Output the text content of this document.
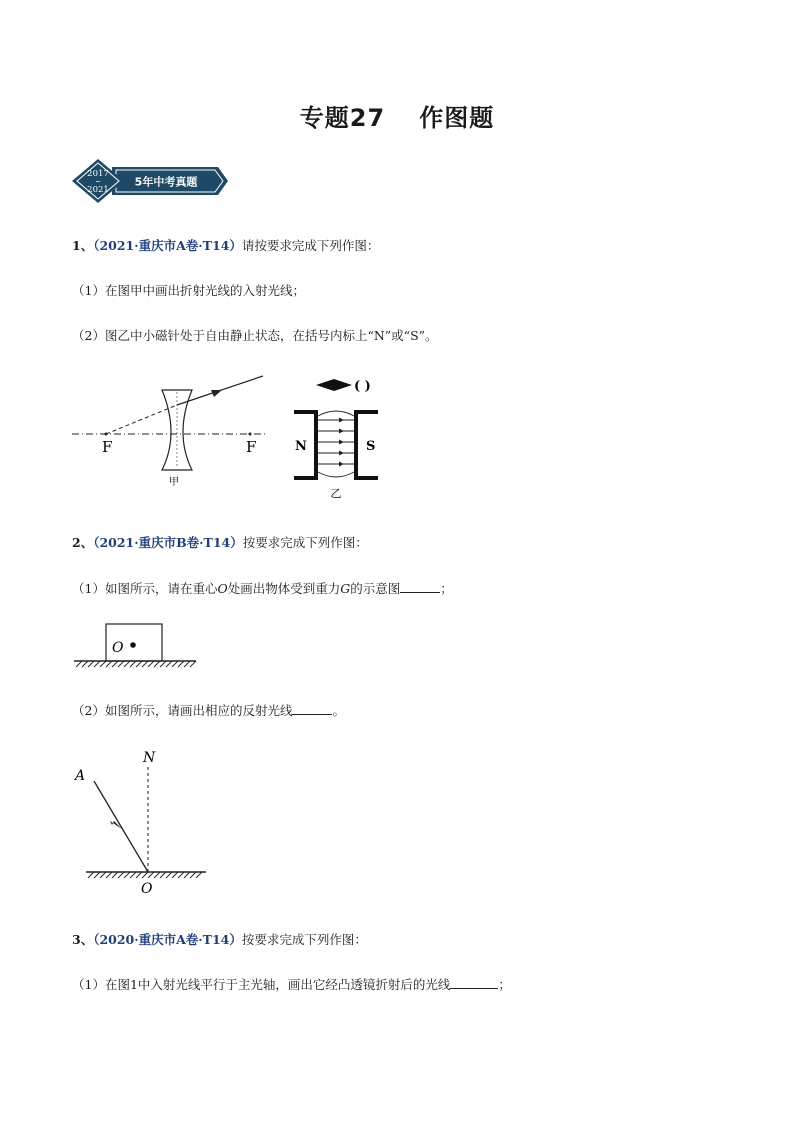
专题27 作图题
2017
~
2021
5年中考真题
1、（2021·重庆市A卷·T14）请按要求完成下列作图：
（1）在图甲中画出折射光线的入射光线；
（2）图乙中小磁针处于自由静止状态，在括号内标上“N”或“S”。
F	F
甲
( )
N	S
乙
2、（2021·重庆市B卷·T14）按要求完成下列作图：
（1）如图所示，请在重心O处画出物体受到重力G的示意图	；
O
（2）如图所示，请画出相应的反射光线	。
A
N
O
3、（2020·重庆市A卷·T14）按要求完成下列作图：
（1）在图1中入射光线平行于主光轴，画出它经凸透镜折射后的光线	；
